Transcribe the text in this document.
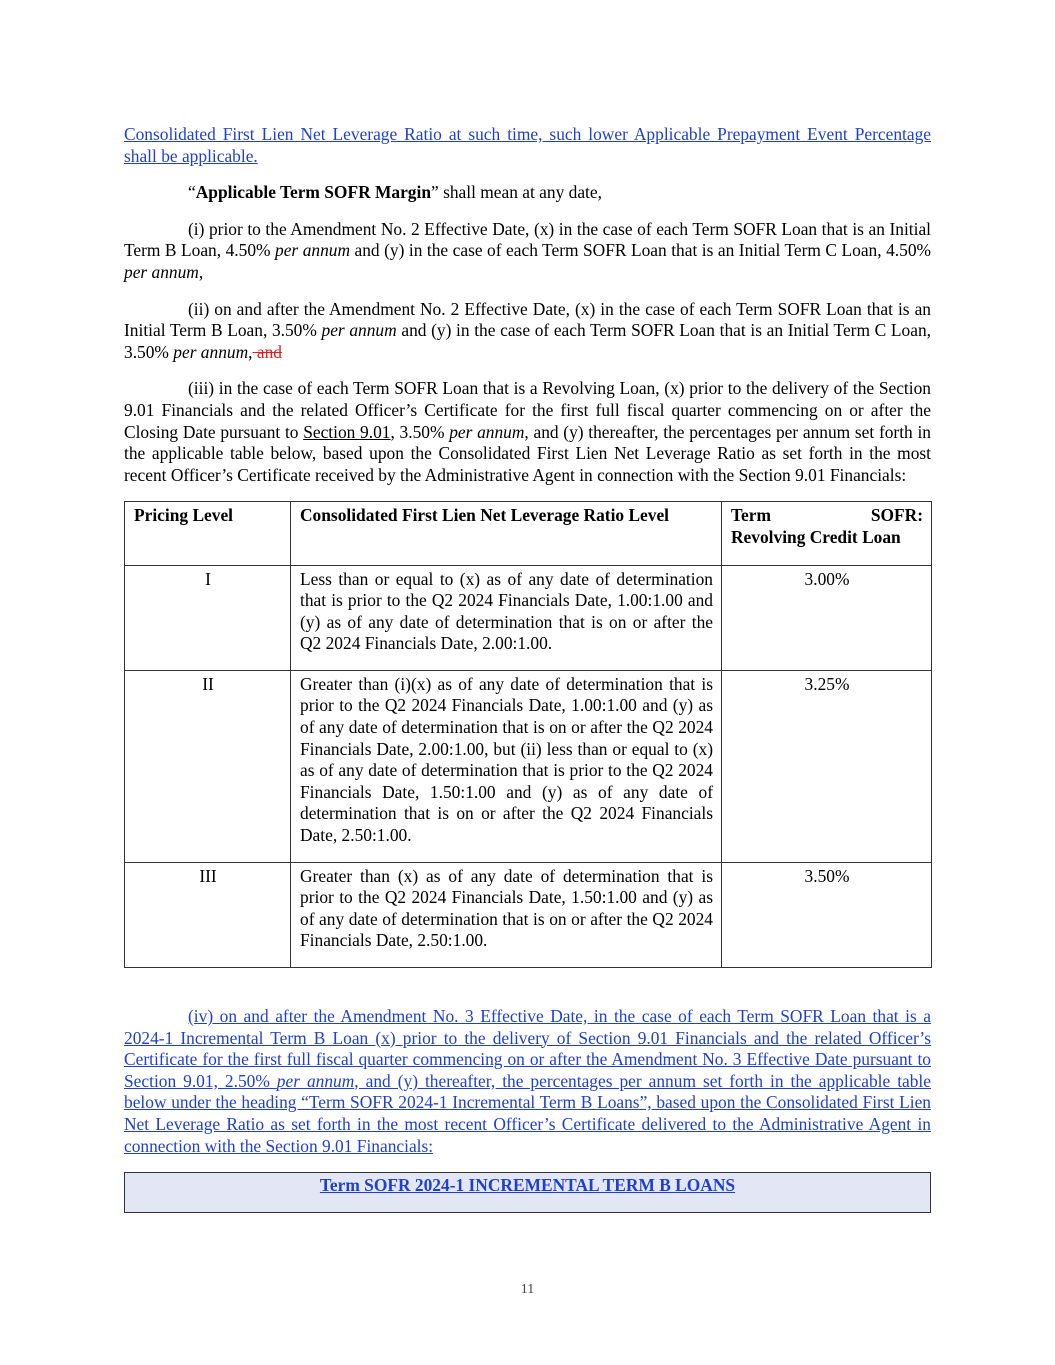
Consolidated First Lien Net Leverage Ratio at such time, such lower Applicable Prepayment Event Percentage shall be applicable.

“Applicable Term SOFR Margin” shall mean at any date,

(i) prior to the Amendment No. 2 Effective Date, (x) in the case of each Term SOFR Loan that is an Initial Term B Loan, 4.50% per annum and (y) in the case of each Term SOFR Loan that is an Initial Term C Loan, 4.50% per annum,

(ii) on and after the Amendment No. 2 Effective Date, (x) in the case of each Term SOFR Loan that is an Initial Term B Loan, 3.50% per annum and (y) in the case of each Term SOFR Loan that is an Initial Term C Loan, 3.50% per annum, and

(iii) in the case of each Term SOFR Loan that is a Revolving Loan, (x) prior to the delivery of the Section 9.01 Financials and the related Officer’s Certificate for the first full fiscal quarter commencing on or after the Closing Date pursuant to Section 9.01, 3.50% per annum, and (y) thereafter, the percentages per annum set forth in the applicable table below, based upon the Consolidated First Lien Net Leverage Ratio as set forth in the most recent Officer’s Certificate received by the Administrative Agent in connection with the Section 9.01 Financials:

Pricing Level	Consolidated First Lien Net Leverage Ratio Level	Term SOFR:
Revolving Credit Loan

I	Less than or equal to (x) as of any date of determination that is prior to the Q2 2024 Financials Date, 1.00:1.00 and (y) as of any date of determination that is on or after the Q2 2024 Financials Date, 2.00:1.00.	3.00%
II	Greater than (i)(x) as of any date of determination that is prior to the Q2 2024 Financials Date, 1.00:1.00 and (y) as of any date of determination that is on or after the Q2 2024 Financials Date, 2.00:1.00, but (ii) less than or equal to (x) as of any date of determination that is prior to the Q2 2024 Financials Date, 1.50:1.00 and (y) as of any date of determination that is on or after the Q2 2024 Financials Date, 2.50:1.00.	3.25%
III	Greater than (x) as of any date of determination that is prior to the Q2 2024 Financials Date, 1.50:1.00 and (y) as of any date of determination that is on or after the Q2 2024 Financials Date, 2.50:1.00.	3.50%

(iv) on and after the Amendment No. 3 Effective Date, in the case of each Term SOFR Loan that is a 2024-1 Incremental Term B Loan (x) prior to the delivery of Section 9.01 Financials and the related Officer’s Certificate for the first full fiscal quarter commencing on or after the Amendment No. 3 Effective Date pursuant to Section 9.01, 2.50% per annum, and (y) thereafter, the percentages per annum set forth in the applicable table below under the heading “Term SOFR 2024-1 Incremental Term B Loans”, based upon the Consolidated First Lien Net Leverage Ratio as set forth in the most recent Officer’s Certificate delivered to the Administrative Agent in connection with the Section 9.01 Financials:

Term SOFR 2024-1 INCREMENTAL TERM B LOANS
11
